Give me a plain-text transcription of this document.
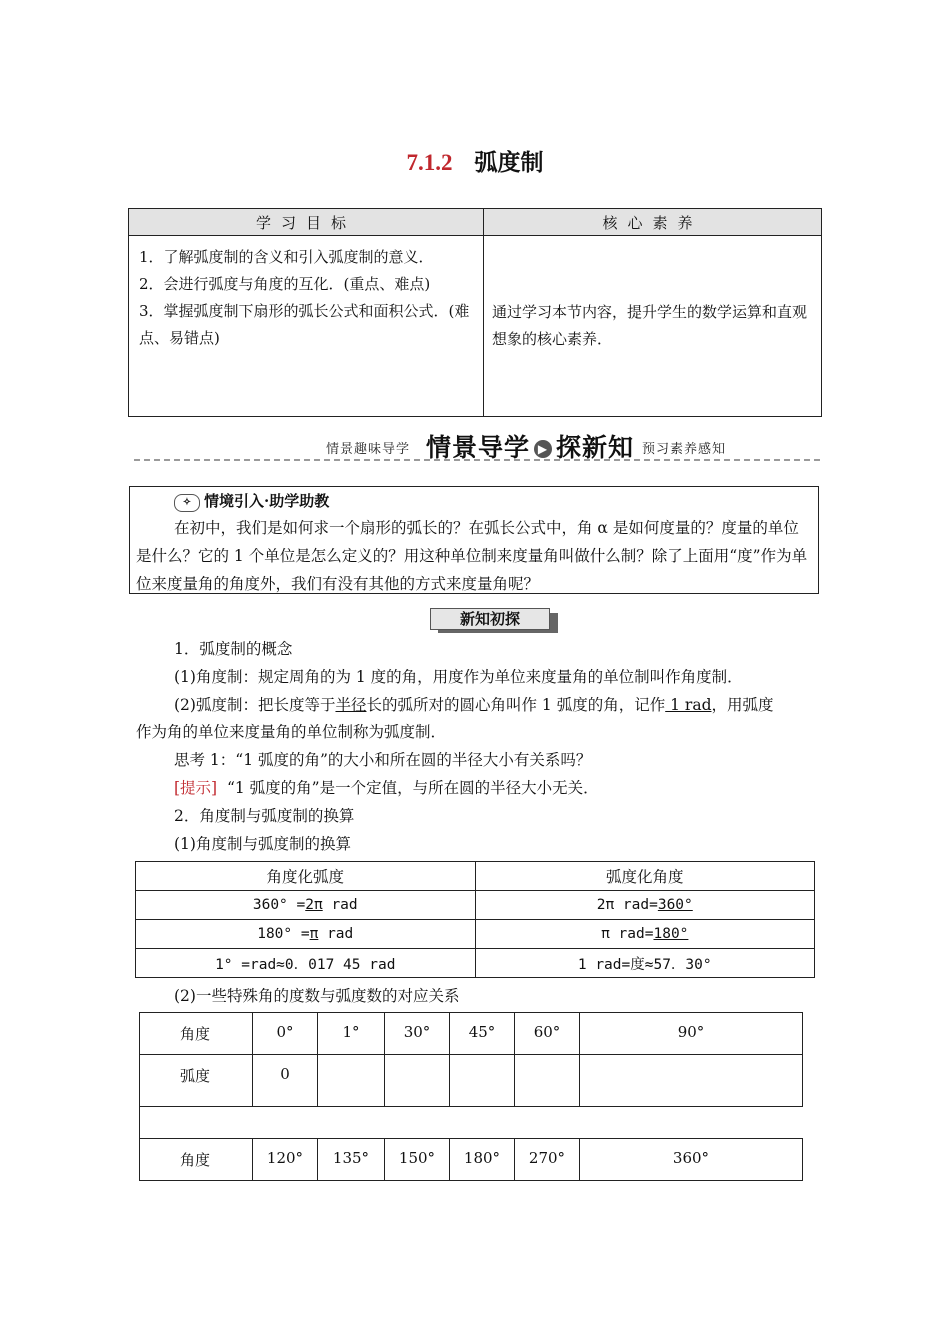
7.1.2 弧度制
学习目标	核心素养

1．了解弧度制的含义和引入弧度制的意义．
2．会进行弧度与角度的互化．(重点、难点)
3．掌握弧度制下扇形的弧长公式和面积公式．(难点、易错点)	通过学习本节内容，提升学生的数学运算和直观想象的核心素养．
情景趣味导学 情景导学 ▶ 探新知 预习素养感知
✧ 情境引入·助学助教
在初中，我们是如何求一个扇形的弧长的？在弧长公式中，角 α 是如何度量的？度量的单位是什么？它的 1 个单位是怎么定义的？用这种单位制来度量角叫做什么制？除了上面用“度”作为单位来度量角的角度外，我们有没有其他的方式来度量角呢？
新知初探
1．弧度制的概念
(1)角度制：规定周角的为 1 度的角，用度作为单位来度量角的单位制叫作角度制．
(2)弧度制：把长度等于半径长的弧所对的圆心角叫作 1 弧度的角，记作 1 rad，用弧度
作为角的单位来度量角的单位制称为弧度制．
思考 1：“1 弧度的角”的大小和所在圆的半径大小有关系吗？
[提示] “1 弧度的角”是一个定值，与所在圆的半径大小无关．
2．角度制与弧度制的换算
(1)角度制与弧度制的换算
角度化弧度	弧度化角度
360° =2π rad	2π rad=360°
180° =π rad	π rad=180°
1° =rad≈0．017 45 rad	1 rad=度≈57．30°
(2)一些特殊角的度数与弧度数的对应关系
角度	0°	1°	30°	45°	60°	90°
弧度	0					

角度	120°	135°	150°	180°	270°	360°
